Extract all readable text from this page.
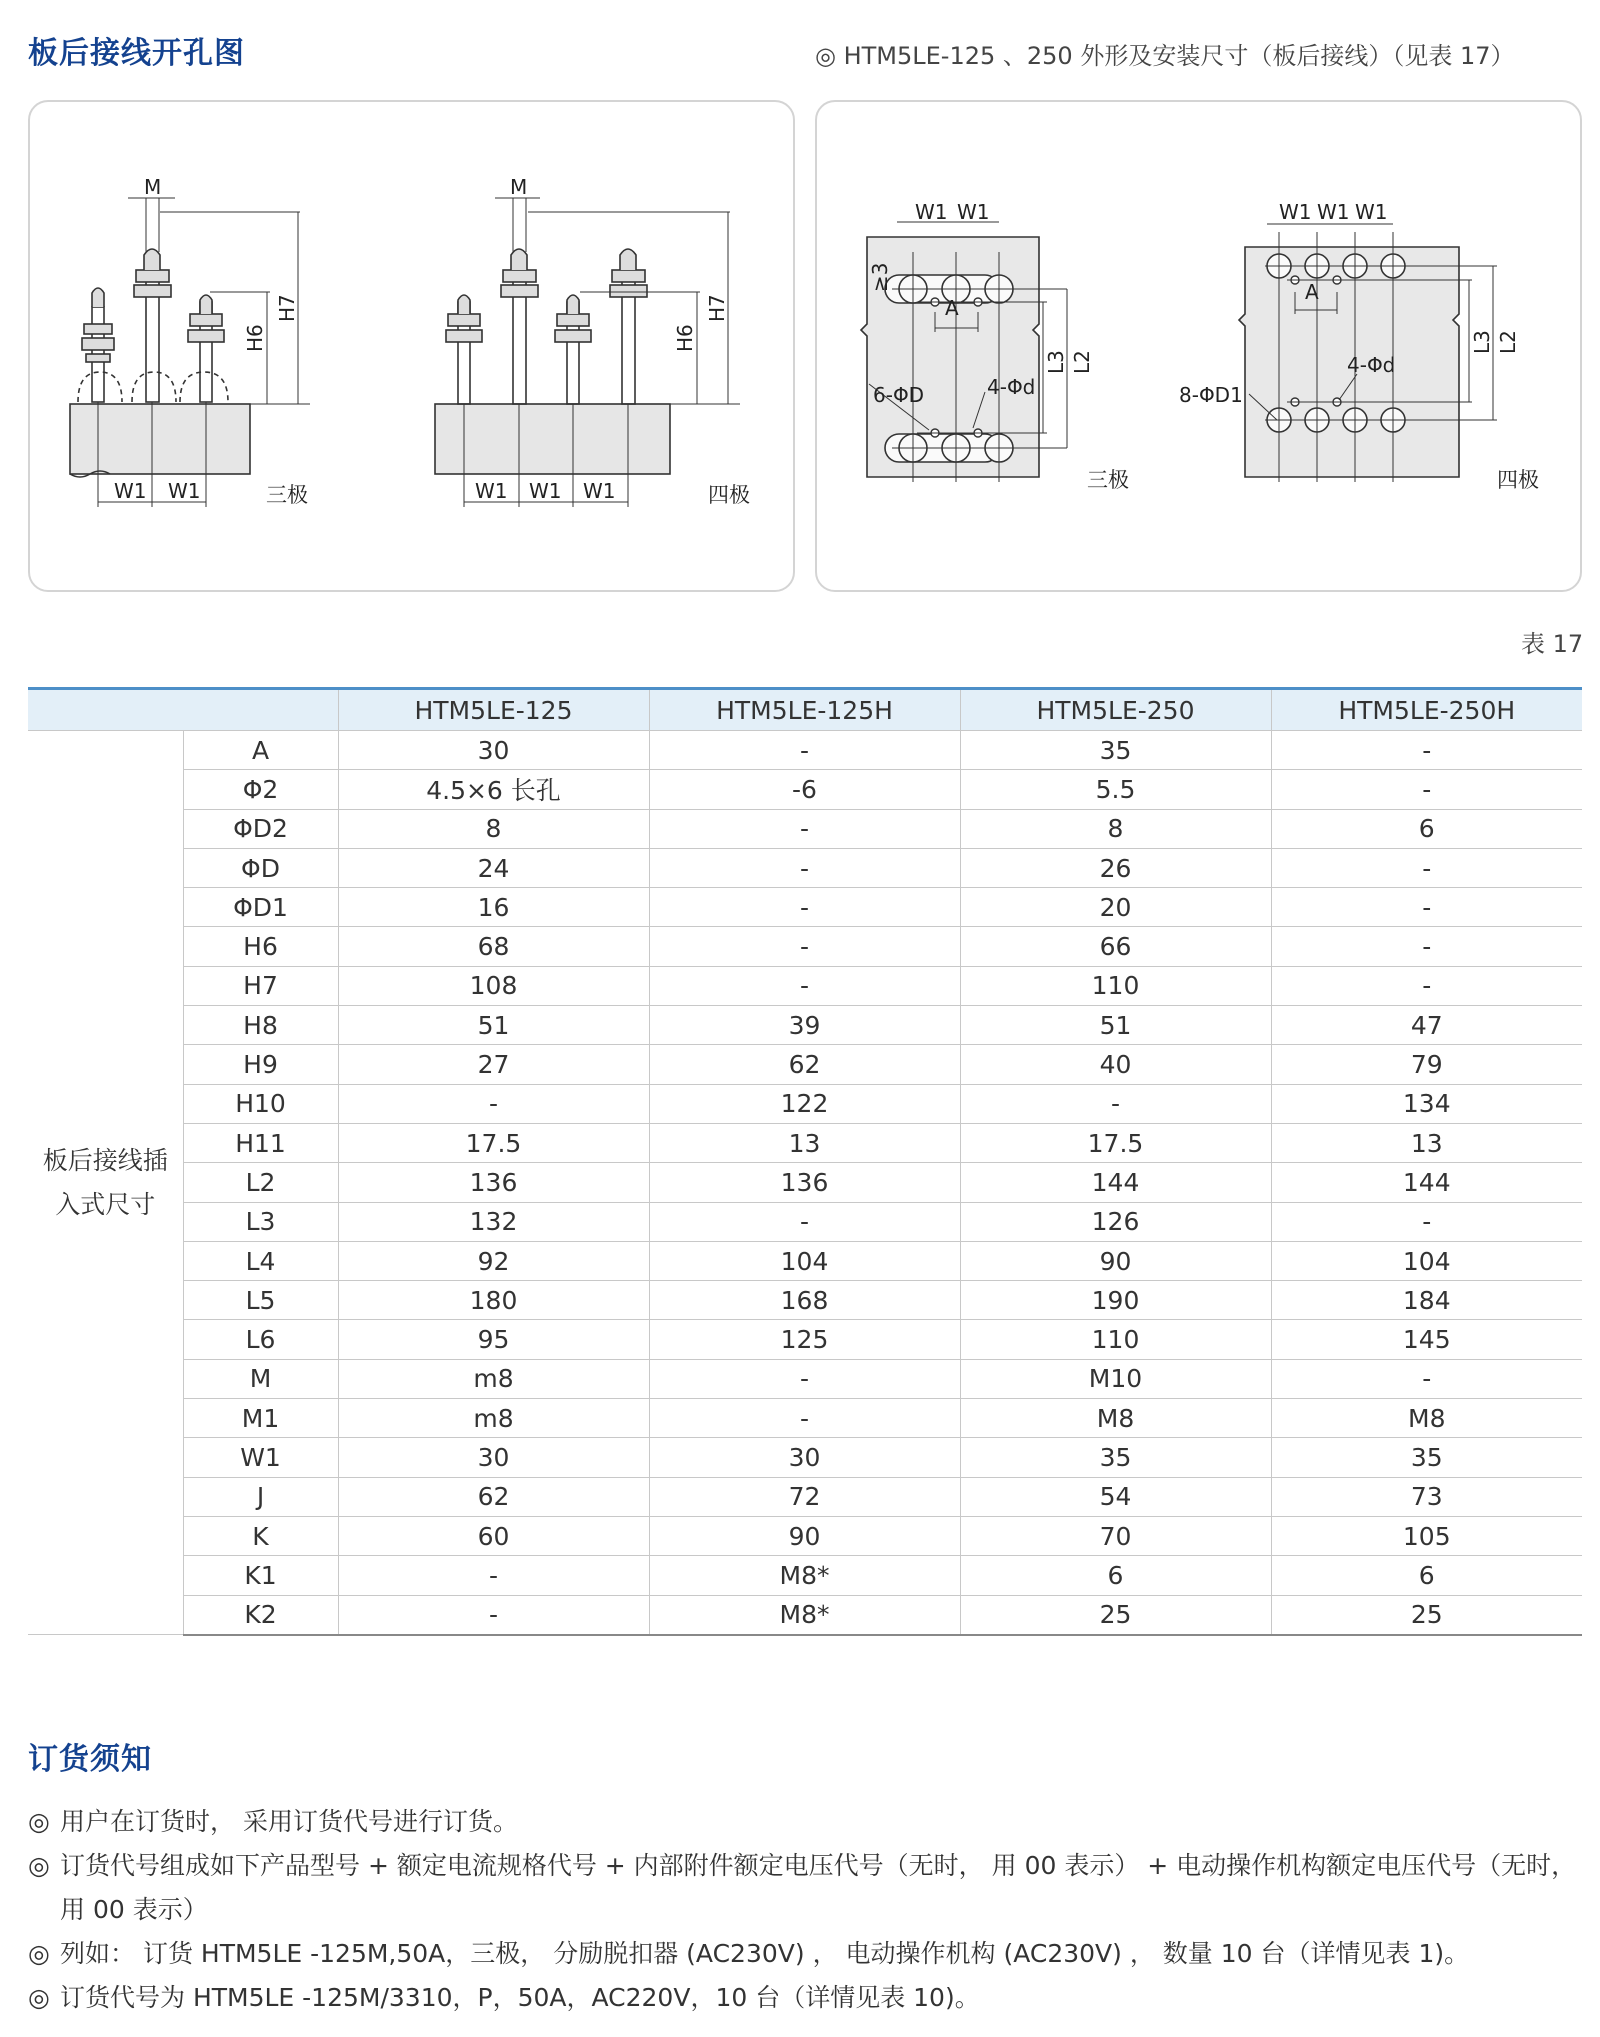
板后接线开孔图	◎ HTM5LE-125 、250 外形及安装尺寸（板后接线）（见表 17）
W1 W1
M
三极	W1 W1 W1
M
四极
H6
H7
H6
H7
W1 W1
A
6-ΦD	4-Φd
三极
W1 W1 W1
A
8-ΦD1
4-Φd
四极
≥3
L3 L2
L3 L2
表 17
		HTM5LE-125	HTM5LE-125H	HTM5LE-250	HTM5LE-250H

板后接线插
入式尺寸	A	30	-	35	-
	Φ2	4.5×6 长孔	-6	5.5	-
	ΦD2	8	-	8	6
	ΦD	24	-	26	-
	ΦD1	16	-	20	-
	H6	68	-	66	-
	H7	108	-	110	-
	H8	51	39	51	47
	H9	27	62	40	79
	H10	-	122	-	134
	H11	17.5	13	17.5	13
	L2	136	136	144	144
	L3	132	-	126	-
	L4	92	104	90	104
	L5	180	168	190	184
	L6	95	125	110	145
	M	m8	-	M10	-
	M1	m8	-	M8	M8
	W1	30	30	35	35
	J	62	72	54	73
	K	60	90	70	105
	K1	-	M8*	6	6
	K2	-	M8*	25	25
订货须知
◎ 用户在订货时， 采用订货代号进行订货。
◎ 订货代号组成如下产品型号 + 额定电流规格代号 + 内部附件额定电压代号（无时， 用 00 表示） + 电动操作机构额定电压代号（无时， 用 00 表示）
◎ 列如： 订货 HTM5LE -125M,50A，三极， 分励脱扣器 (AC230V) ， 电动操作机构 (AC230V) ， 数量 10 台（详情见表 1)。
◎ 订货代号为 HTM5LE -125M/3310，P，50A，AC220V，10 台（详情见表 10)。
